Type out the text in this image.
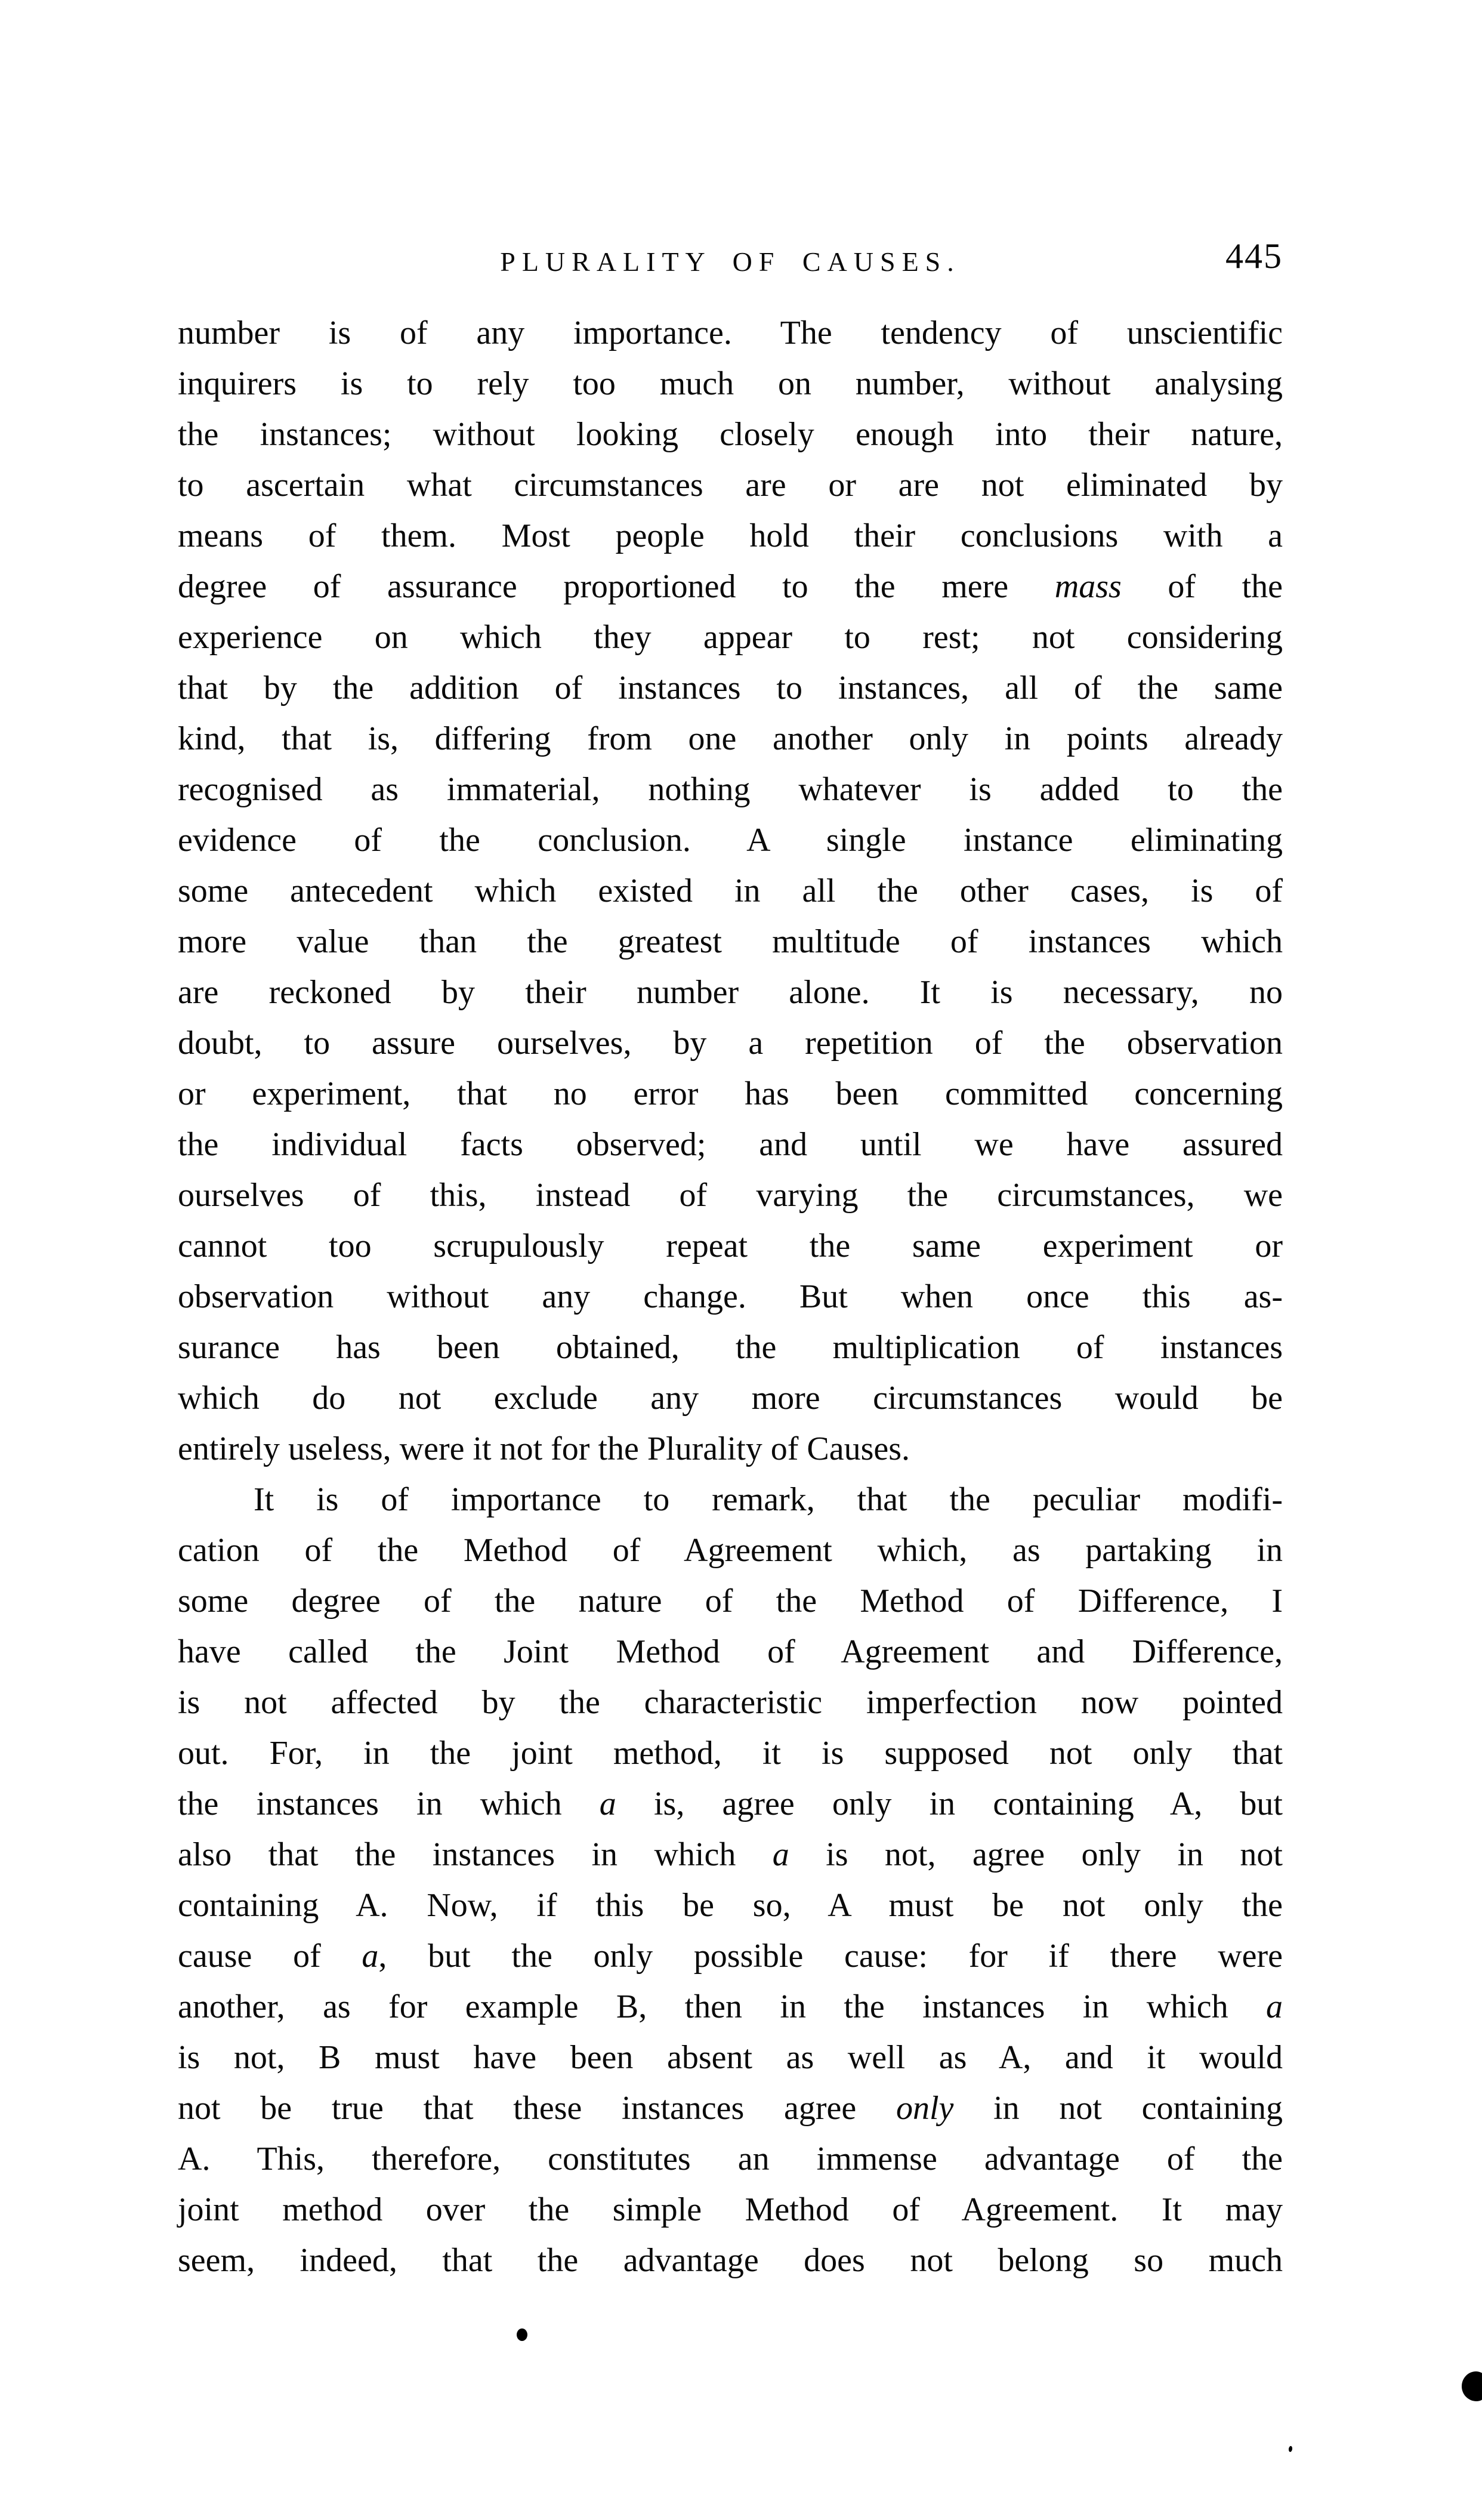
PLURALITY OF CAUSES.	445
number is of any importance. The tendency of unscientific
inquirers is to rely too much on number, without analysing
the instances; without looking closely enough into their nature,
to ascertain what circumstances are or are not eliminated by
means of them. Most people hold their conclusions with a
degree of assurance proportioned to the mere mass of the
experience on which they appear to rest; not considering
that by the addition of instances to instances, all of the same
kind, that is, differing from one another only in points already
recognised as immaterial, nothing whatever is added to the
evidence of the conclusion. A single instance eliminating
some antecedent which existed in all the other cases, is of
more value than the greatest multitude of instances which
are reckoned by their number alone. It is necessary, no
doubt, to assure ourselves, by a repetition of the observation
or experiment, that no error has been committed concerning
the individual facts observed; and until we have assured
ourselves of this, instead of varying the circumstances, we
cannot too scrupulously repeat the same experiment or
observation without any change. But when once this as-
surance has been obtained, the multiplication of instances
which do not exclude any more circumstances would be
entirely useless, were it not for the Plurality of Causes.
It is of importance to remark, that the peculiar modifi-
cation of the Method of Agreement which, as partaking in
some degree of the nature of the Method of Difference, I
have called the Joint Method of Agreement and Difference,
is not affected by the characteristic imperfection now pointed
out. For, in the joint method, it is supposed not only that
the instances in which a is, agree only in containing A, but
also that the instances in which a is not, agree only in not
containing A. Now, if this be so, A must be not only the
cause of a, but the only possible cause: for if there were
another, as for example B, then in the instances in which a
is not, B must have been absent as well as A, and it would
not be true that these instances agree only in not containing
A. This, therefore, constitutes an immense advantage of the
joint method over the simple Method of Agreement. It may
seem, indeed, that the advantage does not belong so much
